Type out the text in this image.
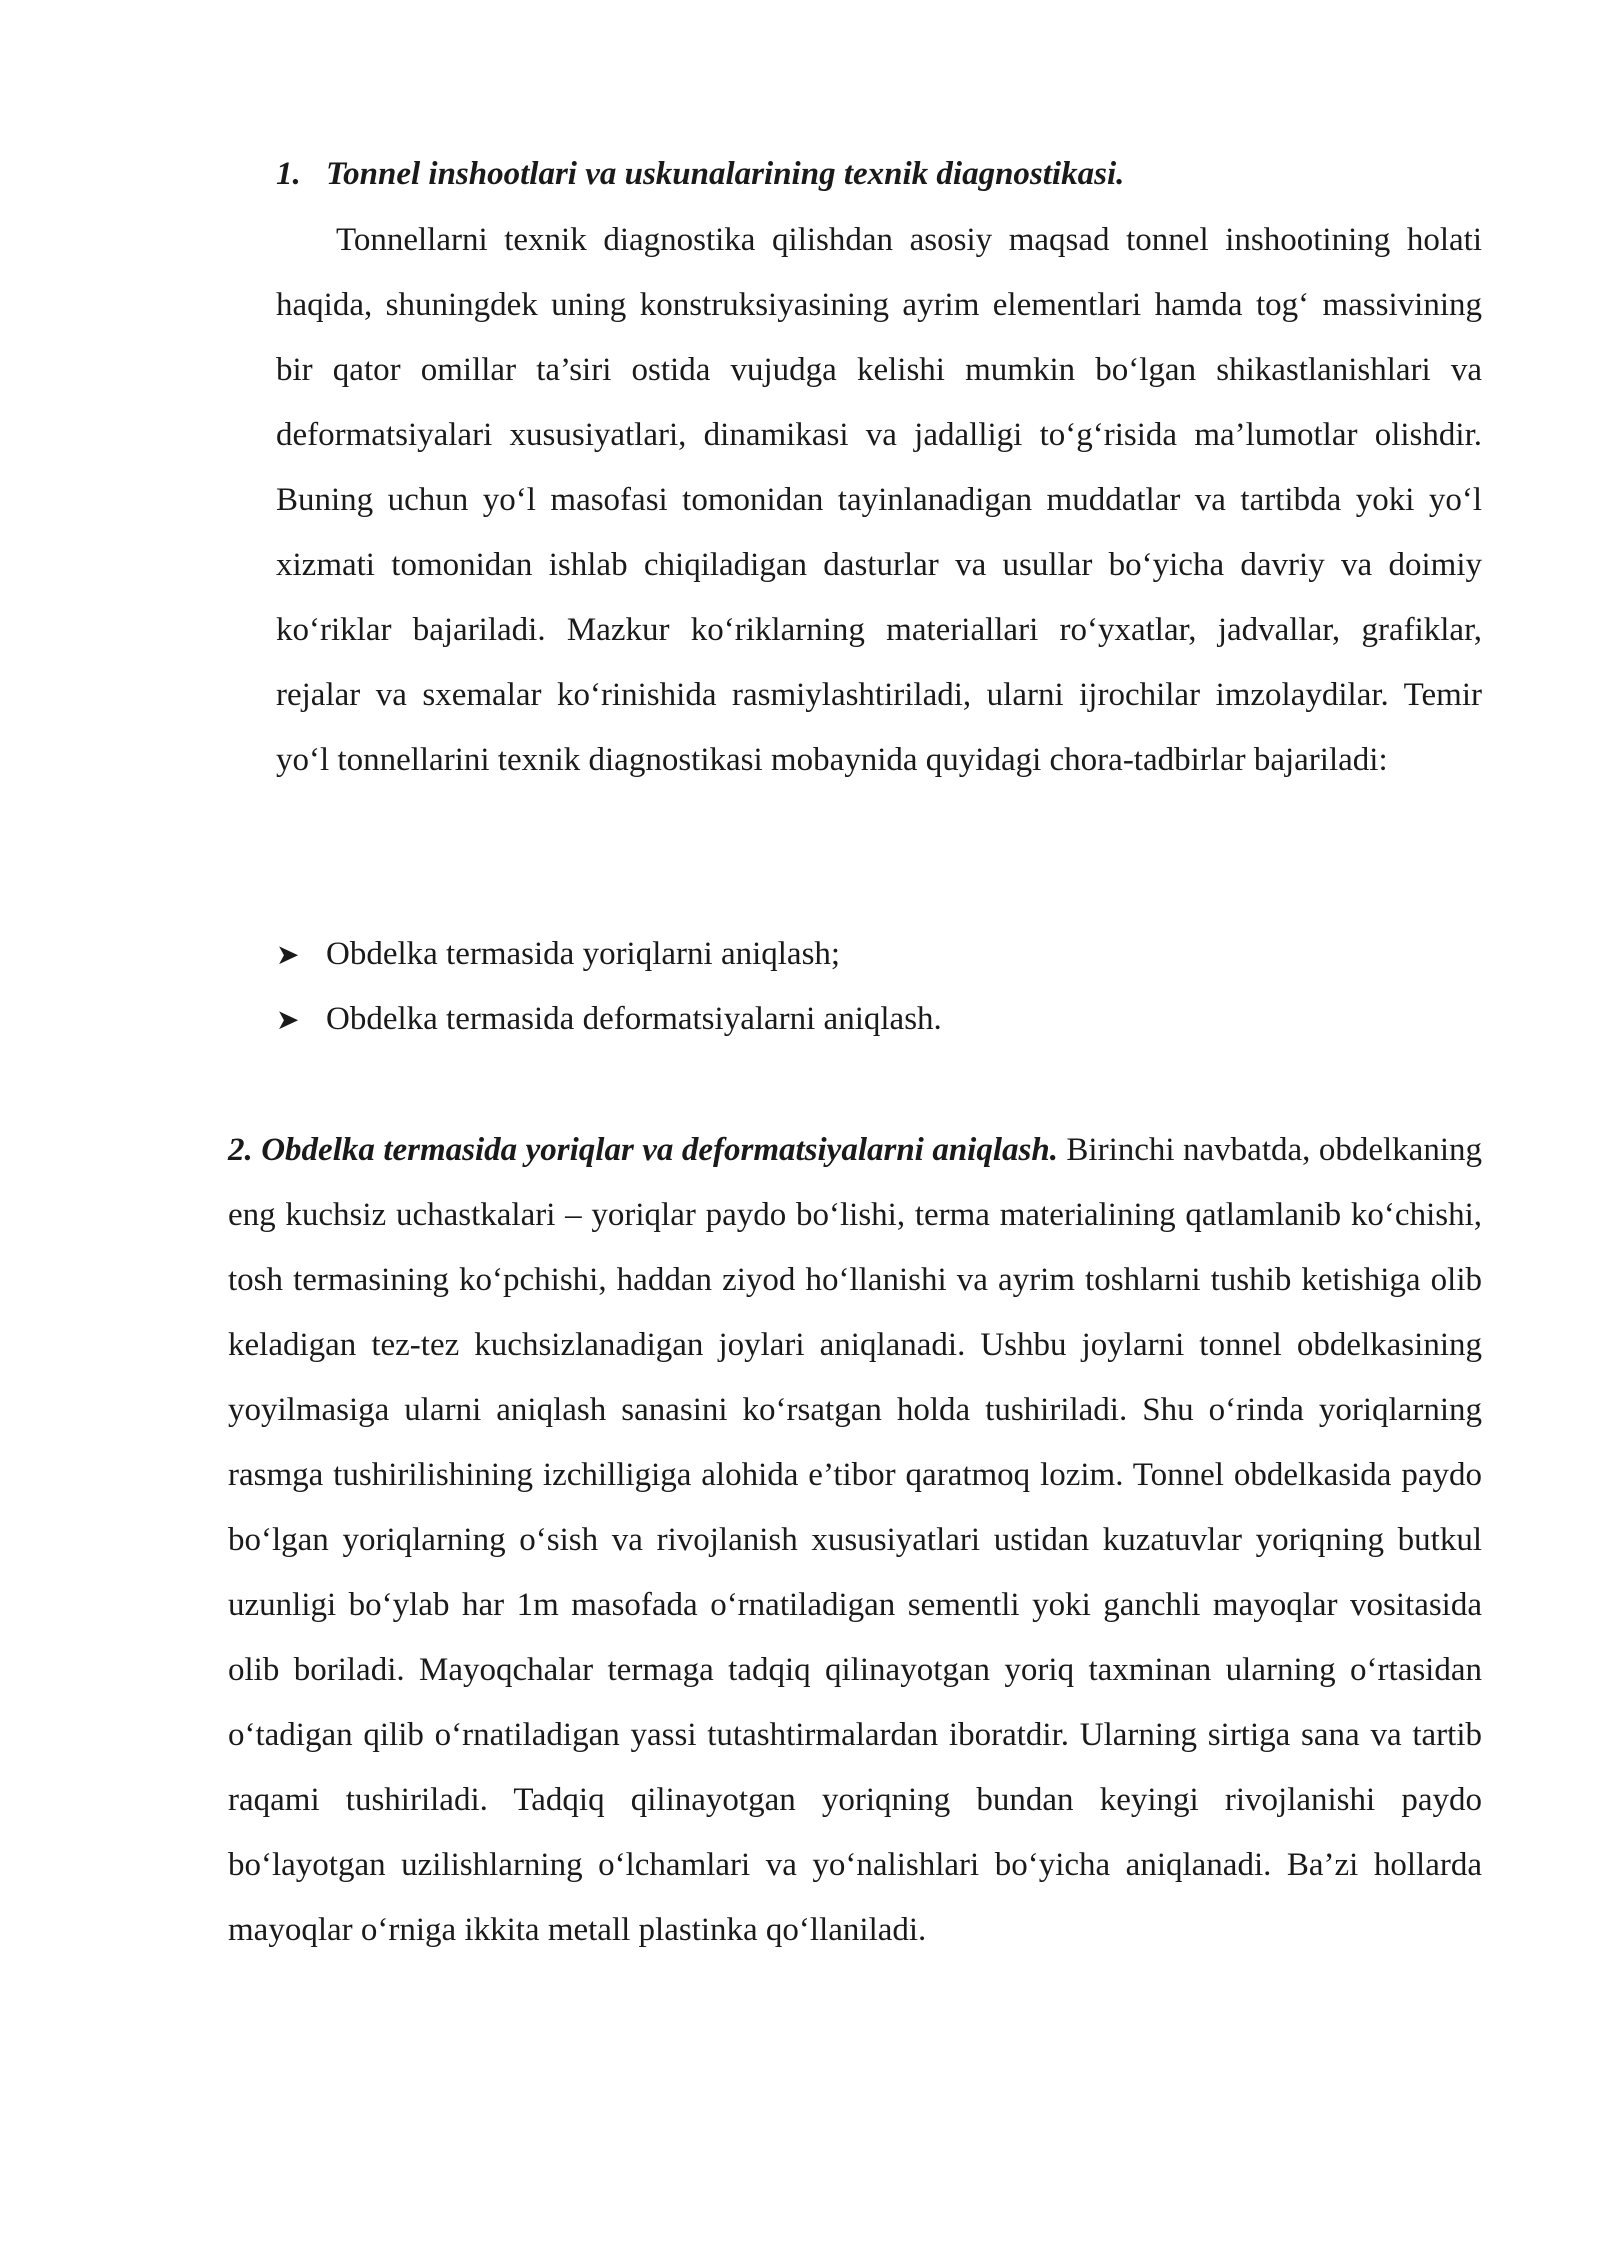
1. Tonnel inshootlari va uskunalarining texnik diagnostikasi.

Tonnellarni texnik diagnostika qilishdan asosiy maqsad tonnel inshootining holati haqida, shuningdek uning konstruksiyasining ayrim elementlari hamda tog‘ massivining bir qator omillar ta’siri ostida vujudga kelishi mumkin bo‘lgan shikastlanishlari va deformatsiyalari xususiyatlari, dinamikasi va jadalligi to‘g‘risida ma’lumotlar olishdir. Buning uchun yo‘l masofasi tomonidan tayinlanadigan muddatlar va tartibda yoki yo‘l xizmati tomonidan ishlab chiqiladigan dasturlar va usullar bo‘yicha davriy va doimiy ko‘riklar bajariladi. Mazkur ko‘riklarning materiallari ro‘yxatlar, jadvallar, grafiklar, rejalar va sxemalar ko‘rinishida rasmiylashtiriladi, ularni ijrochilar imzolaydilar. Temir yo‘l tonnellarini texnik diagnostikasi mobaynida quyidagi chora-tadbirlar bajariladi:

➤ Obdelka termasida yoriqlarni aniqlash;
➤ Obdelka termasida deformatsiyalarni aniqlash.

2. Obdelka termasida yoriqlar va deformatsiyalarni aniqlash. Birinchi navbatda, obdelkaning eng kuchsiz uchastkalari – yoriqlar paydo bo‘lishi, terma materialining qatlamlanib ko‘chishi, tosh termasining ko‘pchishi, haddan ziyod ho‘llanishi va ayrim toshlarni tushib ketishiga olib keladigan tez-tez kuchsizlanadigan joylari aniqlanadi. Ushbu joylarni tonnel obdelkasining yoyilmasiga ularni aniqlash sanasini ko‘rsatgan holda tushiriladi. Shu o‘rinda yoriqlarning rasmga tushirilishining izchilligiga alohida e’tibor qaratmoq lozim. Tonnel obdelkasida paydo bo‘lgan yoriqlarning o‘sish va rivojlanish xususiyatlari ustidan kuzatuvlar yoriqning butkul uzunligi bo‘ylab har 1m masofada o‘rnatiladigan sementli yoki ganchli mayoqlar vositasida olib boriladi. Mayoqchalar termaga tadqiq qilinayotgan yoriq taxminan ularning o‘rtasidan o‘tadigan qilib o‘rnatiladigan yassi tutashtirmalardan iboratdir. Ularning sirtiga sana va tartib raqami tushiriladi. Tadqiq qilinayotgan yoriqning bundan keyingi rivojlanishi paydo bo‘layotgan uzilishlarning o‘lchamlari va yo‘nalishlari bo‘yicha aniqlanadi. Ba’zi hollarda mayoqlar o‘rniga ikkita metall plastinka qo‘llaniladi.
